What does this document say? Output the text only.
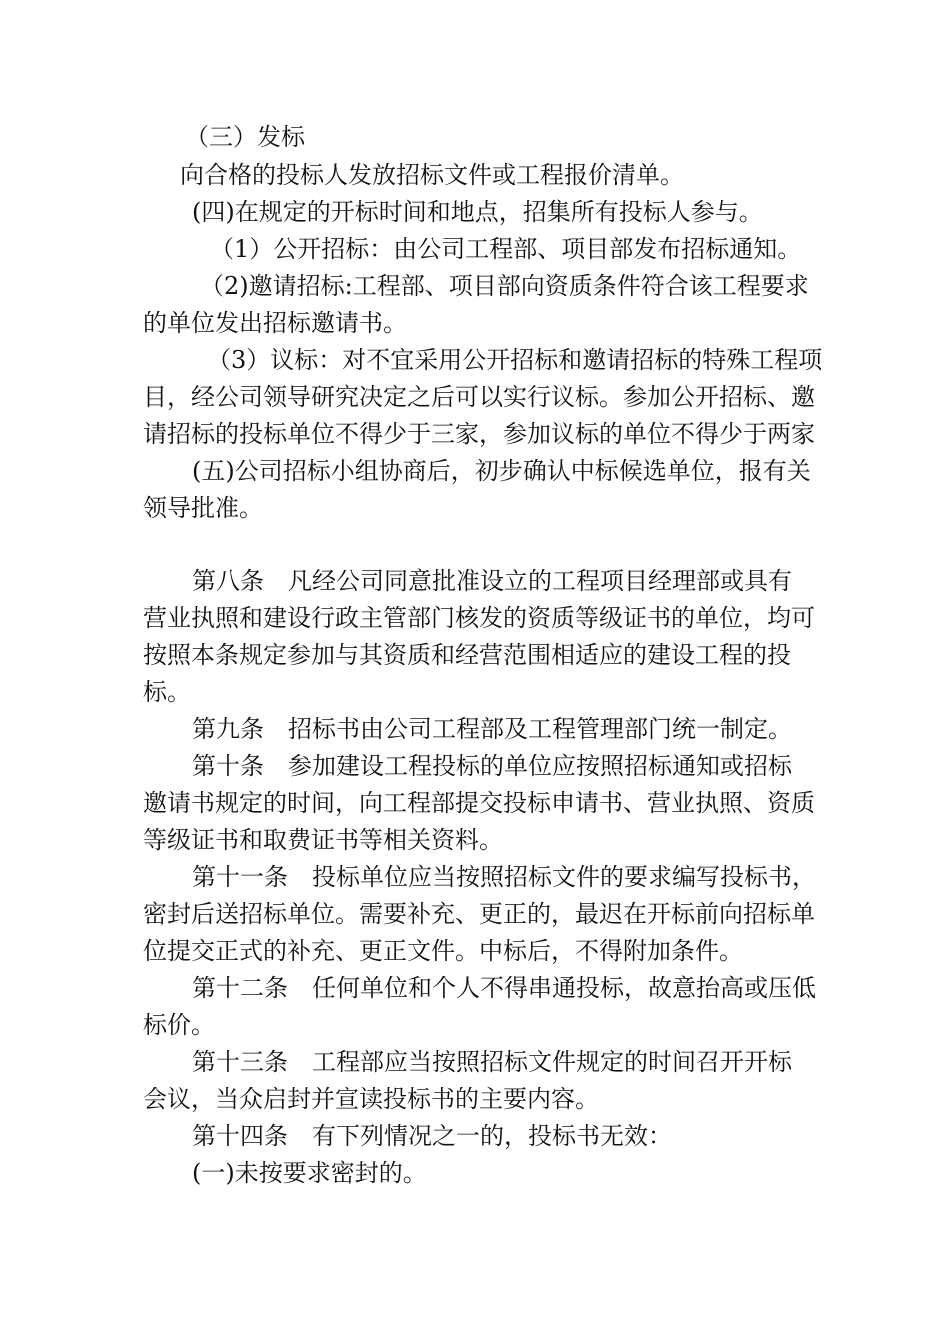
（三）发标
向合格的投标人发放招标文件或工程报价清单。
(四)在规定的开标时间和地点，招集所有投标人参与。
（1）公开招标：由公司工程部、项目部发布招标通知。
（2)邀请招标:工程部、项目部向资质条件符合该工程要求
的单位发出招标邀请书。
（3）议标：对不宜采用公开招标和邀请招标的特殊工程项
目，经公司领导研究决定之后可以实行议标。参加公开招标、邀
请招标的投标单位不得少于三家，参加议标的单位不得少于两家
(五)公司招标小组协商后，初步确认中标候选单位，报有关
领导批准。
第八条　凡经公司同意批准设立的工程项目经理部或具有
营业执照和建设行政主管部门核发的资质等级证书的单位，均可
按照本条规定参加与其资质和经营范围相适应的建设工程的投
标。
第九条　招标书由公司工程部及工程管理部门统一制定。
第十条　参加建设工程投标的单位应按照招标通知或招标
邀请书规定的时间，向工程部提交投标申请书、营业执照、资质
等级证书和取费证书等相关资料。
第十一条　投标单位应当按照招标文件的要求编写投标书，
密封后送招标单位。需要补充、更正的，最迟在开标前向招标单
位提交正式的补充、更正文件。中标后，不得附加条件。
第十二条　任何单位和个人不得串通投标，故意抬高或压低
标价。
第十三条　工程部应当按照招标文件规定的时间召开开标
会议，当众启封并宣读投标书的主要内容。
第十四条　有下列情况之一的，投标书无效：
(一)未按要求密封的。
